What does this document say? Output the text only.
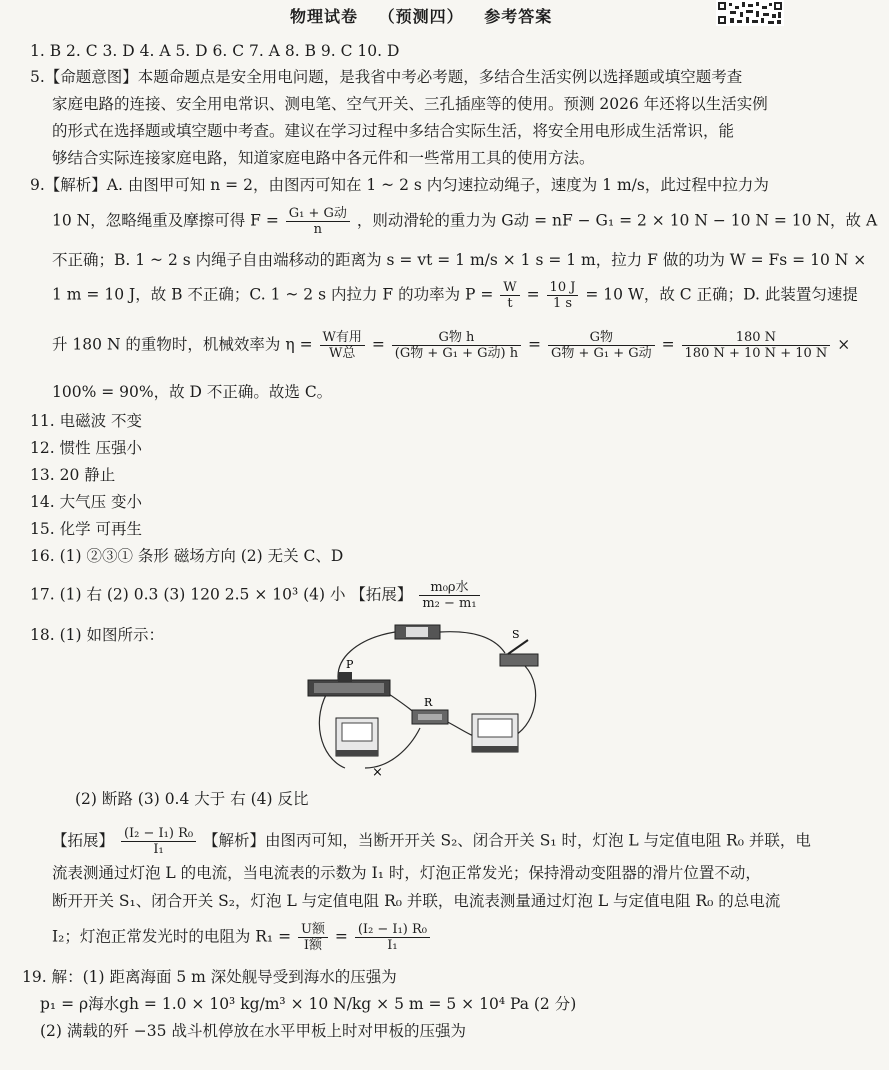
物理试卷 （预测四） 参考答案
1. B 2. C 3. D 4. A 5. D 6. C 7. A 8. B 9. C 10. D
5.【命题意图】本题命题点是安全用电问题，是我省中考必考题，多结合生活实例以选择题或填空题考查
家庭电路的连接、安全用电常识、测电笔、空气开关、三孔插座等的使用。预测 2026 年还将以生活实例
的形式在选择题或填空题中考查。建议在学习过程中多结合实际生活，将安全用电形成生活常识，能
够结合实际连接家庭电路，知道家庭电路中各元件和一些常用工具的使用方法。
9.【解析】A. 由图甲可知 n = 2，由图丙可知在 1 ~ 2 s 内匀速拉动绳子，速度为 1 m/s，此过程中拉力为
10 N，忽略绳重及摩擦可得 $F = \frac{\text{G₁ + G动}}{n}$ ，则动滑轮的重力为 G动 = nF − G₁ = 2 × 10 N − 10 N = 10 N，故 A
不正确；B. 1 ~ 2 s 内绳子自由端移动的距离为 s = vt = 1 m/s × 1 s = 1 m，拉力 F 做的功为 W = Fs = 10 N ×
1 m = 10 J，故 B 不正确；C. 1 ~ 2 s 内拉力 F 的功率为 $P = \frac{W}{t} = \frac{10 J}{1 s} = 10$ W，故 C 正确；D. 此装置匀速提
升 180 N 的重物时，机械效率为 $\eta = \frac{\text{W有用}}{\text{W总}} = \frac{\text{G物 h}}{\text{(G物 + G₁ + G动) h}} = \frac{\text{G物}}{\text{G物 + G₁ + G动}} = \frac{180 N}{180 N + 10 N + 10 N}$ ×
100% = 90%，故 D 不正确。故选 C。
11. 电磁波 不变
12. 惯性 压强小
13. 20 静止
14. 大气压 变小
15. 化学 可再生
16. (1) ②③① 条形 磁场方向 (2) 无关 C、D
17. (1) 右 (2) 0.3 (3) 120 2.5 × 10³ (4) 小 【拓展】 $\frac{\text{m₀ρ水}}{\text{m₂ − m₁}}$
18. (1) 如图所示：
P
R
S
×
(2) 断路 (3) 0.4 大于 右 (4) 反比
【拓展】 $\frac{\text{(I₂ − I₁) R₀}}{\text{I₁}}$ 【解析】由图丙可知，当断开开关 S₂、闭合开关 S₁ 时，灯泡 L 与定值电阻 R₀ 并联，电
流表测通过灯泡 L 的电流，当电流表的示数为 I₁ 时，灯泡正常发光；保持滑动变阻器的滑片位置不动，
断开开关 S₁、闭合开关 S₂，灯泡 L 与定值电阻 R₀ 并联，电流表测量通过灯泡 L 与定值电阻 R₀ 的总电流
I₂；灯泡正常发光时的电阻为 $R_1 = \frac{\text{U额}}{\text{I额}} = \frac{\text{(I₂ − I₁) R₀}}{\text{I₁}}$
19. 解：(1) 距离海面 5 m 深处舰导受到海水的压强为
p₁ = ρ海水gh = 1.0 × 10³ kg/m³ × 10 N/kg × 5 m = 5 × 10⁴ Pa (2 分)
(2) 满载的歼 −35 战斗机停放在水平甲板上时对甲板的压强为
